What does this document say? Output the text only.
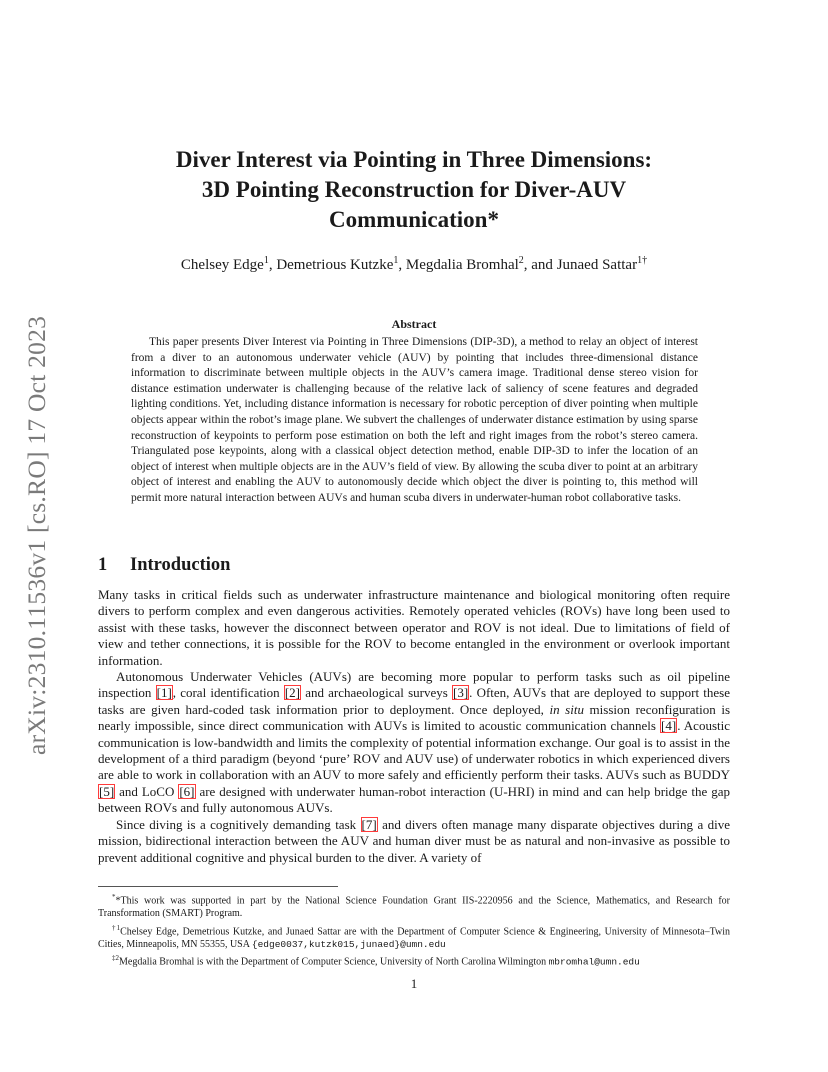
arXiv:2310.11536v1 [cs.RO] 17 Oct 2023
Diver Interest via Pointing in Three Dimensions:
3D Pointing Reconstruction for Diver-AUV
Communication*
Chelsey Edge$^1$, Demetrious Kutzke$^1$, Megdalia Bromhal$^2$, and Junaed Sattar$^{1\dagger}$
Abstract

This paper presents Diver Interest via Pointing in Three Dimensions (DIP-3D), a method to relay an object of interest from a diver to an autonomous underwater vehicle (AUV) by pointing that includes three-dimensional distance information to discriminate between multiple objects in the AUV’s camera image. Traditional dense stereo vision for distance estimation underwater is challenging because of the relative lack of saliency of scene features and degraded lighting conditions. Yet, including distance information is necessary for robotic perception of diver pointing when multiple objects appear within the robot’s image plane. We subvert the challenges of underwater distance estimation by using sparse reconstruction of keypoints to perform pose estimation on both the left and right images from the robot’s stereo camera. Triangulated pose keypoints, along with a classical object detection method, enable DIP-3D to infer the location of an object of interest when multiple objects are in the AUV’s field of view. By allowing the scuba diver to point at an arbitrary object of interest and enabling the AUV to autonomously decide which object the diver is pointing to, this method will permit more natural interaction between AUVs and human scuba divers in underwater-human robot collaborative tasks.

1 Introduction

Many tasks in critical fields such as underwater infrastructure maintenance and biological monitoring often require divers to perform complex and even dangerous activities. Remotely operated vehicles (ROVs) have long been used to assist with these tasks, however the disconnect between operator and ROV is not ideal. Due to limitations of field of view and tether connections, it is possible for the ROV to become entangled in the environment or overlook important information.

Autonomous Underwater Vehicles (AUVs) are becoming more popular to perform tasks such as oil pipeline inspection [1], coral identification [2] and archaeological surveys [3]. Often, AUVs that are deployed to support these tasks are given hard-coded task information prior to deployment. Once deployed, in situ mission reconfiguration is nearly impossible, since direct communication with AUVs is limited to acoustic communication channels [4]. Acoustic communication is low-bandwidth and limits the complexity of potential information exchange. Our goal is to assist in the development of a third paradigm (beyond ‘pure’ ROV and AUV use) of underwater robotics in which experienced divers are able to work in collaboration with an AUV to more safely and efficiently perform their tasks. AUVs such as BUDDY [5] and LoCO [6] are designed with underwater human-robot interaction (U-HRI) in mind and can help bridge the gap between ROVs and fully autonomous AUVs.

Since diving is a cognitively demanding task [7] and divers often manage many disparate objectives during a dive mission, bidirectional interaction between the AUV and human diver must be as natural and non-invasive as possible to prevent additional cognitive and physical burden to the diver. A variety of

**This work was supported in part by the National Science Foundation Grant IIS-2220956 and the Science, Mathematics, and Research for Transformation (SMART) Program.

$^{\dagger 1}$Chelsey Edge, Demetrious Kutzke, and Junaed Sattar are with the Department of Computer Science & Engineering, University of Minnesota–Twin Cities, Minneapolis, MN 55355, USA {edge0037,kutzk015,junaed}@umn.edu

$^{\ddagger 2}$Megdalia Bromhal is with the Department of Computer Science, University of North Carolina Wilmington mbromhal@umn.edu

1
